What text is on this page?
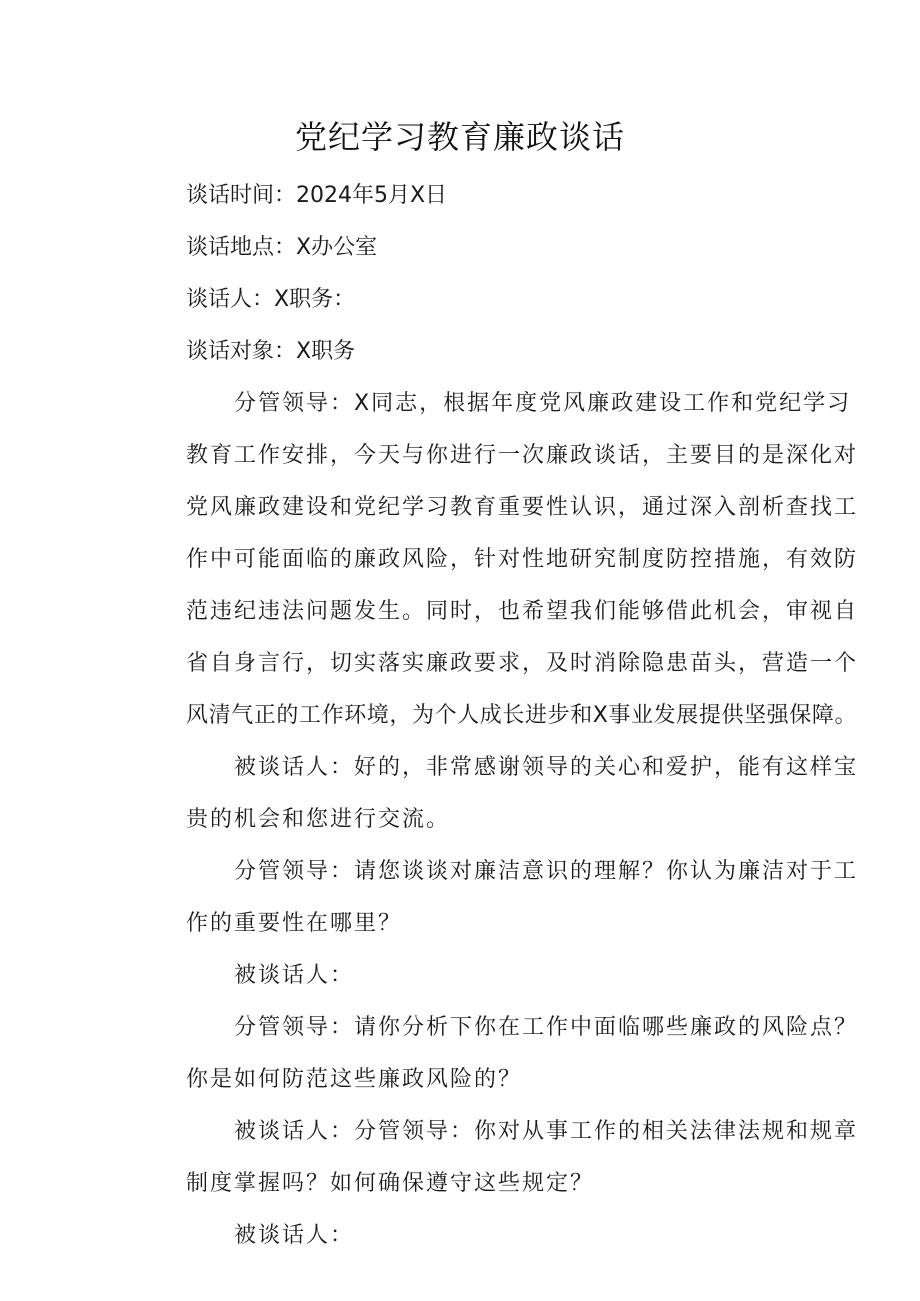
党纪学习教育廉政谈话
谈话时间：2024年5月X日
谈话地点：X办公室
谈话人：X职务：
谈话对象：X职务
分管领导：X同志，根据年度党风廉政建设工作和党纪学习
教育工作安排，今天与你进行一次廉政谈话，主要目的是深化对
党风廉政建设和党纪学习教育重要性认识，通过深入剖析查找工
作中可能面临的廉政风险，针对性地研究制度防控措施，有效防
范违纪违法问题发生。同时，也希望我们能够借此机会，审视自
省自身言行，切实落实廉政要求，及时消除隐患苗头，营造一个
风清气正的工作环境，为个人成长进步和X事业发展提供坚强保障。
被谈话人：好的，非常感谢领导的关心和爱护，能有这样宝
贵的机会和您进行交流。
分管领导：请您谈谈对廉洁意识的理解？你认为廉洁对于工
作的重要性在哪里？
被谈话人：
分管领导：请你分析下你在工作中面临哪些廉政的风险点？
你是如何防范这些廉政风险的？
被谈话人：分管领导：你对从事工作的相关法律法规和规章
制度掌握吗？如何确保遵守这些规定？
被谈话人：
